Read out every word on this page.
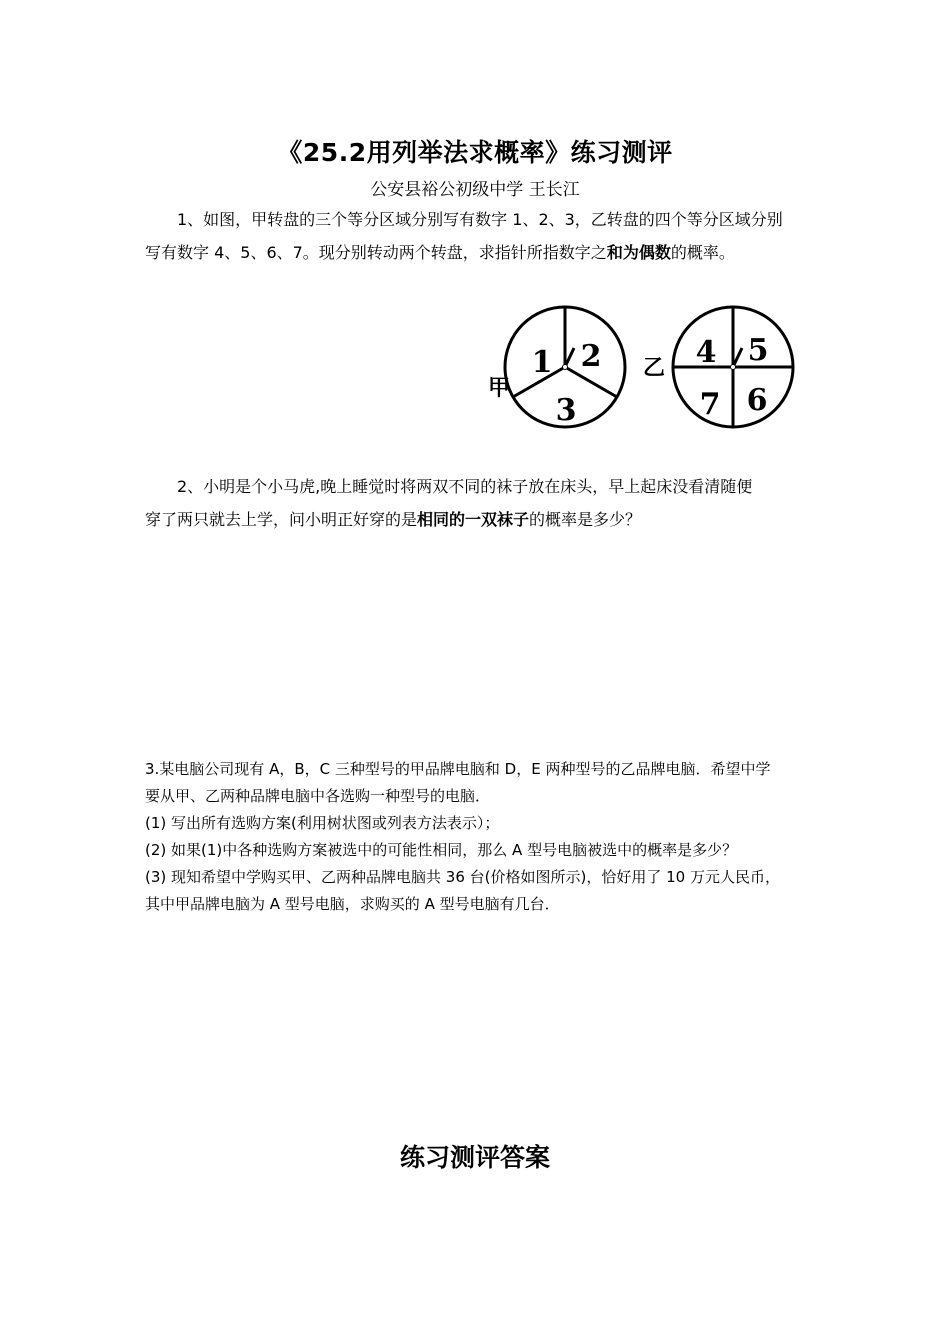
《25.2用列举法求概率》练习测评
公安县裕公初级中学 王长江
1、如图，甲转盘的三个等分区域分别写有数字 1、2、3，乙转盘的四个等分区域分别
写有数字 4、5、6、7。现分别转动两个转盘，求指针所指数字之和为偶数的概率。
甲
1 2
3
乙 4 5
7 6
2、小明是个小马虎,晚上睡觉时将两双不同的袜子放在床头，早上起床没看清随便
穿了两只就去上学，问小明正好穿的是相同的一双袜子的概率是多少？
3.某电脑公司现有 A，B，C 三种型号的甲品牌电脑和 D，E 两种型号的乙品牌电脑．希望中学
要从甲、乙两种品牌电脑中各选购一种型号的电脑．
(1) 写出所有选购方案(利用树状图或列表方法表示）；
(2) 如果(1)中各种选购方案被选中的可能性相同，那么 A 型号电脑被选中的概率是多少？
(3) 现知希望中学购买甲、乙两种品牌电脑共 36 台(价格如图所示)，恰好用了 10 万元人民币，
其中甲品牌电脑为 A 型号电脑，求购买的 A 型号电脑有几台．
练习测评答案
